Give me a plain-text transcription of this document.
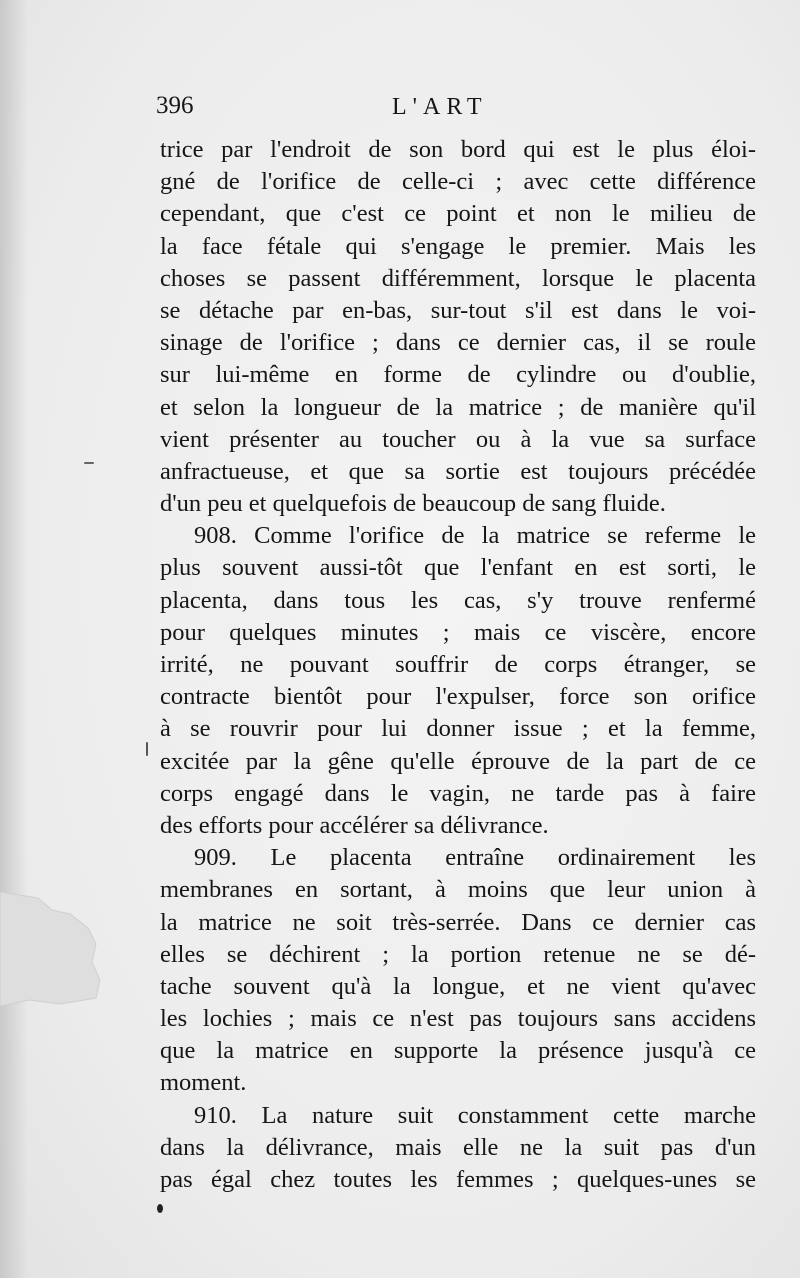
396	L'ART
trice par l'endroit de son bord qui est le plus éloi-
gné de l'orifice de celle-ci ; avec cette différence
cependant, que c'est ce point et non le milieu de
la face fétale qui s'engage le premier. Mais les
choses se passent différemment, lorsque le placenta
se détache par en-bas, sur-tout s'il est dans le voi-
sinage de l'orifice ; dans ce dernier cas, il se roule
sur lui-même en forme de cylindre ou d'oublie,
et selon la longueur de la matrice ; de manière qu'il
vient présenter au toucher ou à la vue sa surface
anfractueuse, et que sa sortie est toujours précédée
d'un peu et quelquefois de beaucoup de sang fluide.
908. Comme l'orifice de la matrice se referme le
plus souvent aussi-tôt que l'enfant en est sorti, le
placenta, dans tous les cas, s'y trouve renfermé
pour quelques minutes ; mais ce viscère, encore
irrité, ne pouvant souffrir de corps étranger, se
contracte bientôt pour l'expulser, force son orifice
à se rouvrir pour lui donner issue ; et la femme,
excitée par la gêne qu'elle éprouve de la part de ce
corps engagé dans le vagin, ne tarde pas à faire
des efforts pour accélérer sa délivrance.
909. Le placenta entraîne ordinairement les
membranes en sortant, à moins que leur union à
la matrice ne soit très-serrée. Dans ce dernier cas
elles se déchirent ; la portion retenue ne se dé-
tache souvent qu'à la longue, et ne vient qu'avec
les lochies ; mais ce n'est pas toujours sans accidens
que la matrice en supporte la présence jusqu'à ce
moment.
910. La nature suit constamment cette marche
dans la délivrance, mais elle ne la suit pas d'un
pas égal chez toutes les femmes ; quelques-unes se
